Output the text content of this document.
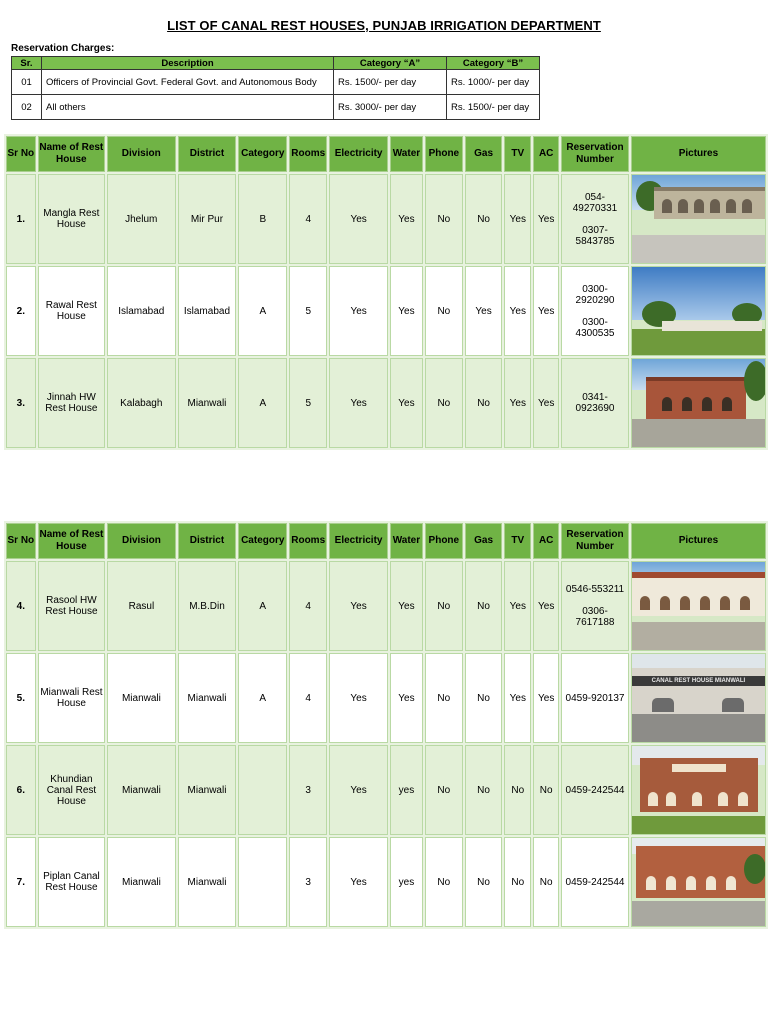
LIST OF CANAL REST HOUSES, PUNJAB IRRIGATION DEPARTMENT
Reservation Charges:
Sr.	Description	Category “A”	Category “B”
01	Officers of Provincial Govt. Federal Govt. and Autonomous Body	Rs. 1500/- per day	Rs. 1000/- per day
02	All others	Rs. 3000/- per day	Rs. 1500/- per day
Sr No	Name of Rest House	Division	District	Category	Rooms	Electricity	Water	Phone	Gas	TV	AC	Reservation Number	Pictures
1.	Mangla Rest House	Jhelum	Mir Pur	B	4	Yes	Yes	No	No	Yes	Yes	054-49270331
0307-5843785	

2.	Rawal Rest House	Islamabad	Islamabad	A	5	Yes	Yes	No	Yes	Yes	Yes	0300-2920290
0300-4300535	

3.	Jinnah HW Rest House	Kalabagh	Mianwali	A	5	Yes	Yes	No	No	Yes	Yes	0341-0923690	
Sr No	Name of Rest House	Division	District	Category	Rooms	Electricity	Water	Phone	Gas	TV	AC	Reservation Number	Pictures
4.	Rasool HW Rest House	Rasul	M.B.Din	A	4	Yes	Yes	No	No	Yes	Yes	0546-553211
0306-7617188	

5.	Mianwali Rest House	Mianwali	Mianwali	A	4	Yes	Yes	No	No	Yes	Yes	0459-920137	CANAL REST HOUSE MIANWALI

6.	Khundian Canal Rest House	Mianwali	Mianwali		3	Yes	yes	No	No	No	No	0459-242544	

7.	Piplan Canal Rest House	Mianwali	Mianwali		3	Yes	yes	No	No	No	No	0459-242544	
